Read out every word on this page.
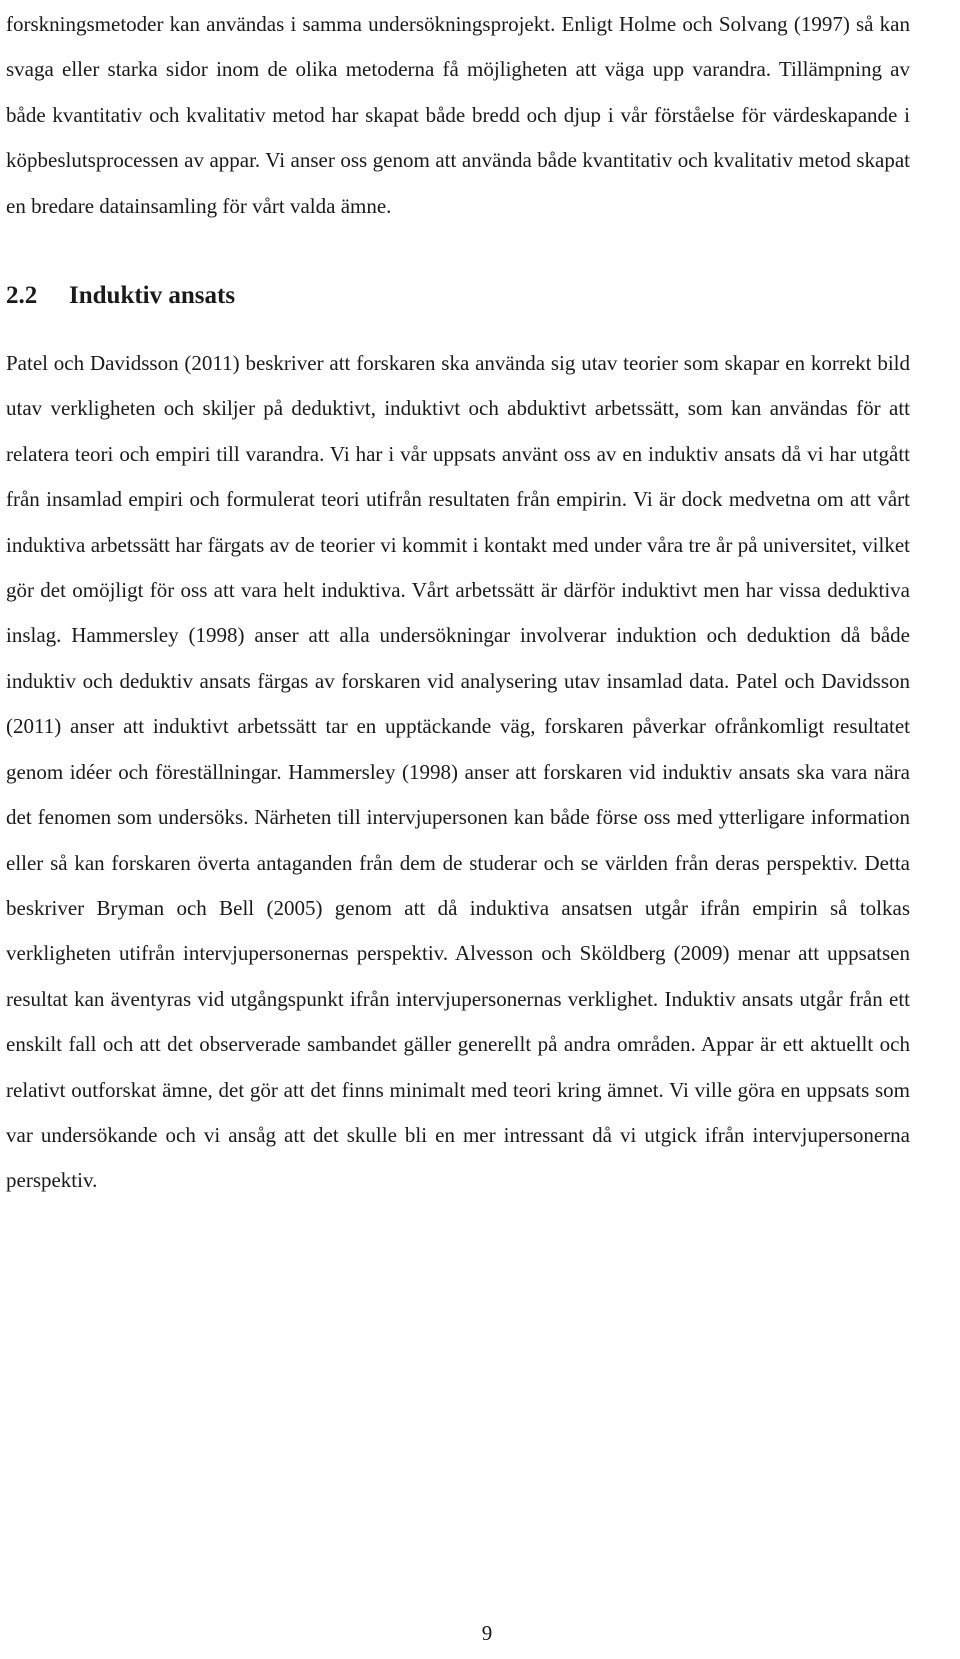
forskningsmetoder kan användas i samma undersökningsprojekt. Enligt Holme och Solvang (1997) så kan svaga eller starka sidor inom de olika metoderna få möjligheten att väga upp varandra. Tillämpning av både kvantitativ och kvalitativ metod har skapat både bredd och djup i vår förståelse för värdeskapande i köpbeslutsprocessen av appar. Vi anser oss genom att använda både kvantitativ och kvalitativ metod skapat en bredare datainsamling för vårt valda ämne.

2.2 Induktiv ansats

Patel och Davidsson (2011) beskriver att forskaren ska använda sig utav teorier som skapar en korrekt bild utav verkligheten och skiljer på deduktivt, induktivt och abduktivt arbetssätt, som kan användas för att relatera teori och empiri till varandra. Vi har i vår uppsats använt oss av en induktiv ansats då vi har utgått från insamlad empiri och formulerat teori utifrån resultaten från empirin. Vi är dock medvetna om att vårt induktiva arbetssätt har färgats av de teorier vi kommit i kontakt med under våra tre år på universitet, vilket gör det omöjligt för oss att vara helt induktiva. Vårt arbetssätt är därför induktivt men har vissa deduktiva inslag. Hammersley (1998) anser att alla undersökningar involverar induktion och deduktion då både induktiv och deduktiv ansats färgas av forskaren vid analysering utav insamlad data. Patel och Davidsson (2011) anser att induktivt arbetssätt tar en upptäckande väg, forskaren påverkar ofrånkomligt resultatet genom idéer och föreställningar. Hammersley (1998) anser att forskaren vid induktiv ansats ska vara nära det fenomen som undersöks. Närheten till intervjupersonen kan både förse oss med ytterligare information eller så kan forskaren överta antaganden från dem de studerar och se världen från deras perspektiv. Detta beskriver Bryman och Bell (2005) genom att då induktiva ansatsen utgår ifrån empirin så tolkas verkligheten utifrån intervjupersonernas perspektiv. Alvesson och Sköldberg (2009) menar att uppsatsen resultat kan äventyras vid utgångspunkt ifrån intervjupersonernas verklighet. Induktiv ansats utgår från ett enskilt fall och att det observerade sambandet gäller generellt på andra områden. Appar är ett aktuellt och relativt outforskat ämne, det gör att det finns minimalt med teori kring ämnet. Vi ville göra en uppsats som var undersökande och vi ansåg att det skulle bli en mer intressant då vi utgick ifrån intervjupersonerna perspektiv.

9
